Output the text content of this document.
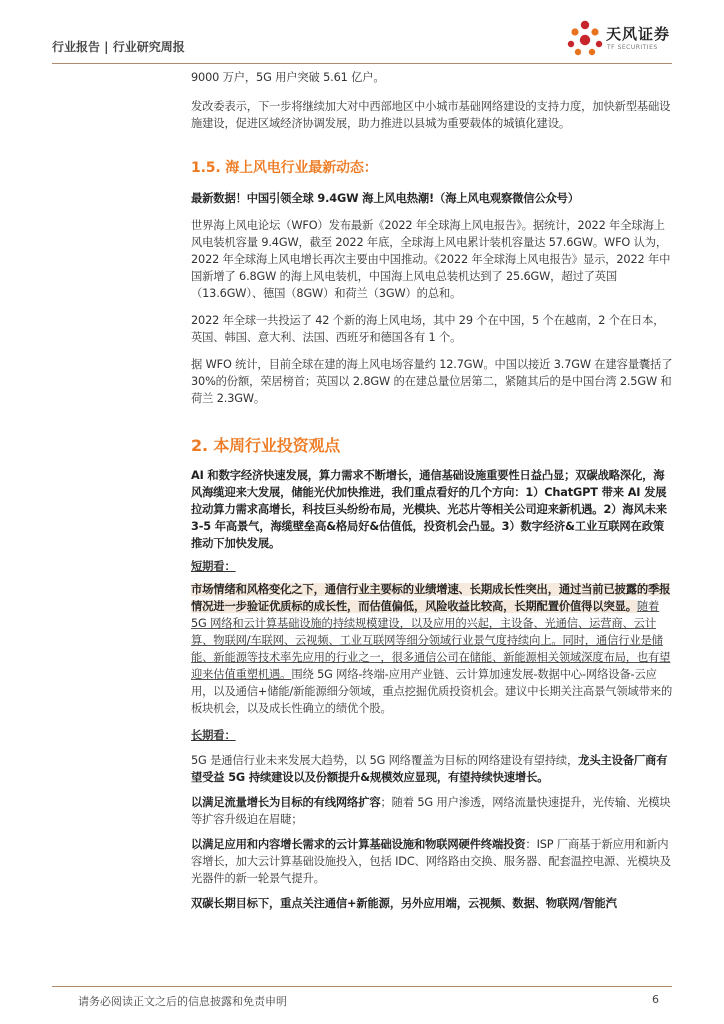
行业报告 | 行业研究周报
天风证券
TF SECURITIES

9000 万户，5G 用户突破 5.61 亿户。

发改委表示，下一步将继续加大对中西部地区中小城市基础网络建设的支持力度，加快新型基础设施建设，促进区域经济协调发展，助力推进以县城为重要载体的城镇化建设。

1.5. 海上风电行业最新动态：

最新数据！中国引领全球 9.4GW 海上风电热潮!（海上风电观察微信公众号）

世界海上风电论坛（WFO）发布最新《2022 年全球海上风电报告》。据统计，2022 年全球海上风电装机容量 9.4GW，截至 2022 年底，全球海上风电累计装机容量达 57.6GW。WFO 认为，2022 年全球海上风电增长再次主要由中国推动。《2022 年全球海上风电报告》显示，2022 年中国新增了 6.8GW 的海上风电装机，中国海上风电总装机达到了 25.6GW，超过了英国（13.6GW）、德国（8GW）和荷兰（3GW）的总和。

2022 年全球一共投运了 42 个新的海上风电场，其中 29 个在中国，5 个在越南，2 个在日本，英国、韩国、意大利、法国、西班牙和德国各有 1 个。

据 WFO 统计，目前全球在建的海上风电场容量约 12.7GW。中国以接近 3.7GW 在建容量囊括了 30%的份额，荣居榜首；英国以 2.8GW 的在建总量位居第二，紧随其后的是中国台湾 2.5GW 和荷兰 2.3GW。

2. 本周行业投资观点

AI 和数字经济快速发展，算力需求不断增长，通信基础设施重要性日益凸显；双碳战略深化，海风海缆迎来大发展，储能光伏加快推进，我们重点看好的几个方向：1）ChatGPT 带来 AI 发展拉动算力需求高增长，科技巨头纷纷布局，光模块、光芯片等相关公司迎来新机遇。2）海风未来 3-5 年高景气，海缆壁垒高&格局好&估值低，投资机会凸显。3）数字经济&工业互联网在政策推动下加快发展。

短期看：

市场情绪和风格变化之下，通信行业主要标的业绩增速、长期成长性突出，通过当前已披露的季报情况进一步验证优质标的成长性，而估值偏低，风险收益比较高，长期配置价值得以突显。随着 5G 网络和云计算基础设施的持续规模建设，以及应用的兴起，主设备、光通信、运营商、云计算、物联网/车联网、云视频、工业互联网等细分领域行业景气度持续向上。同时，通信行业是储能、新能源等技术率先应用的行业之一，很多通信公司在储能、新能源相关领域深度布局，也有望迎来估值重塑机遇。围绕 5G 网络-终端-应用产业链、云计算加速发展-数据中心-网络设备-云应用，以及通信+储能/新能源细分领域，重点挖掘优质投资机会。建议中长期关注高景气领域带来的板块机会，以及成长性确立的绩优个股。

长期看：

5G 是通信行业未来发展大趋势，以 5G 网络覆盖为目标的网络建设有望持续，龙头主设备厂商有望受益 5G 持续建设以及份额提升&规模效应显现，有望持续快速增长。

以满足流量增长为目标的有线网络扩容；随着 5G 用户渗透，网络流量快速提升，光传输、光模块等扩容升级迫在眉睫；

以满足应用和内容增长需求的云计算基础设施和物联网硬件终端投资：ISP 厂商基于新应用和新内容增长，加大云计算基础设施投入，包括 IDC、网络路由交换、服务器、配套温控电源、光模块及光器件的新一轮景气提升。

双碳长期目标下，重点关注通信+新能源，另外应用端，云视频、数据、物联网/智能汽

请务必阅读正文之后的信息披露和免责申明	6
